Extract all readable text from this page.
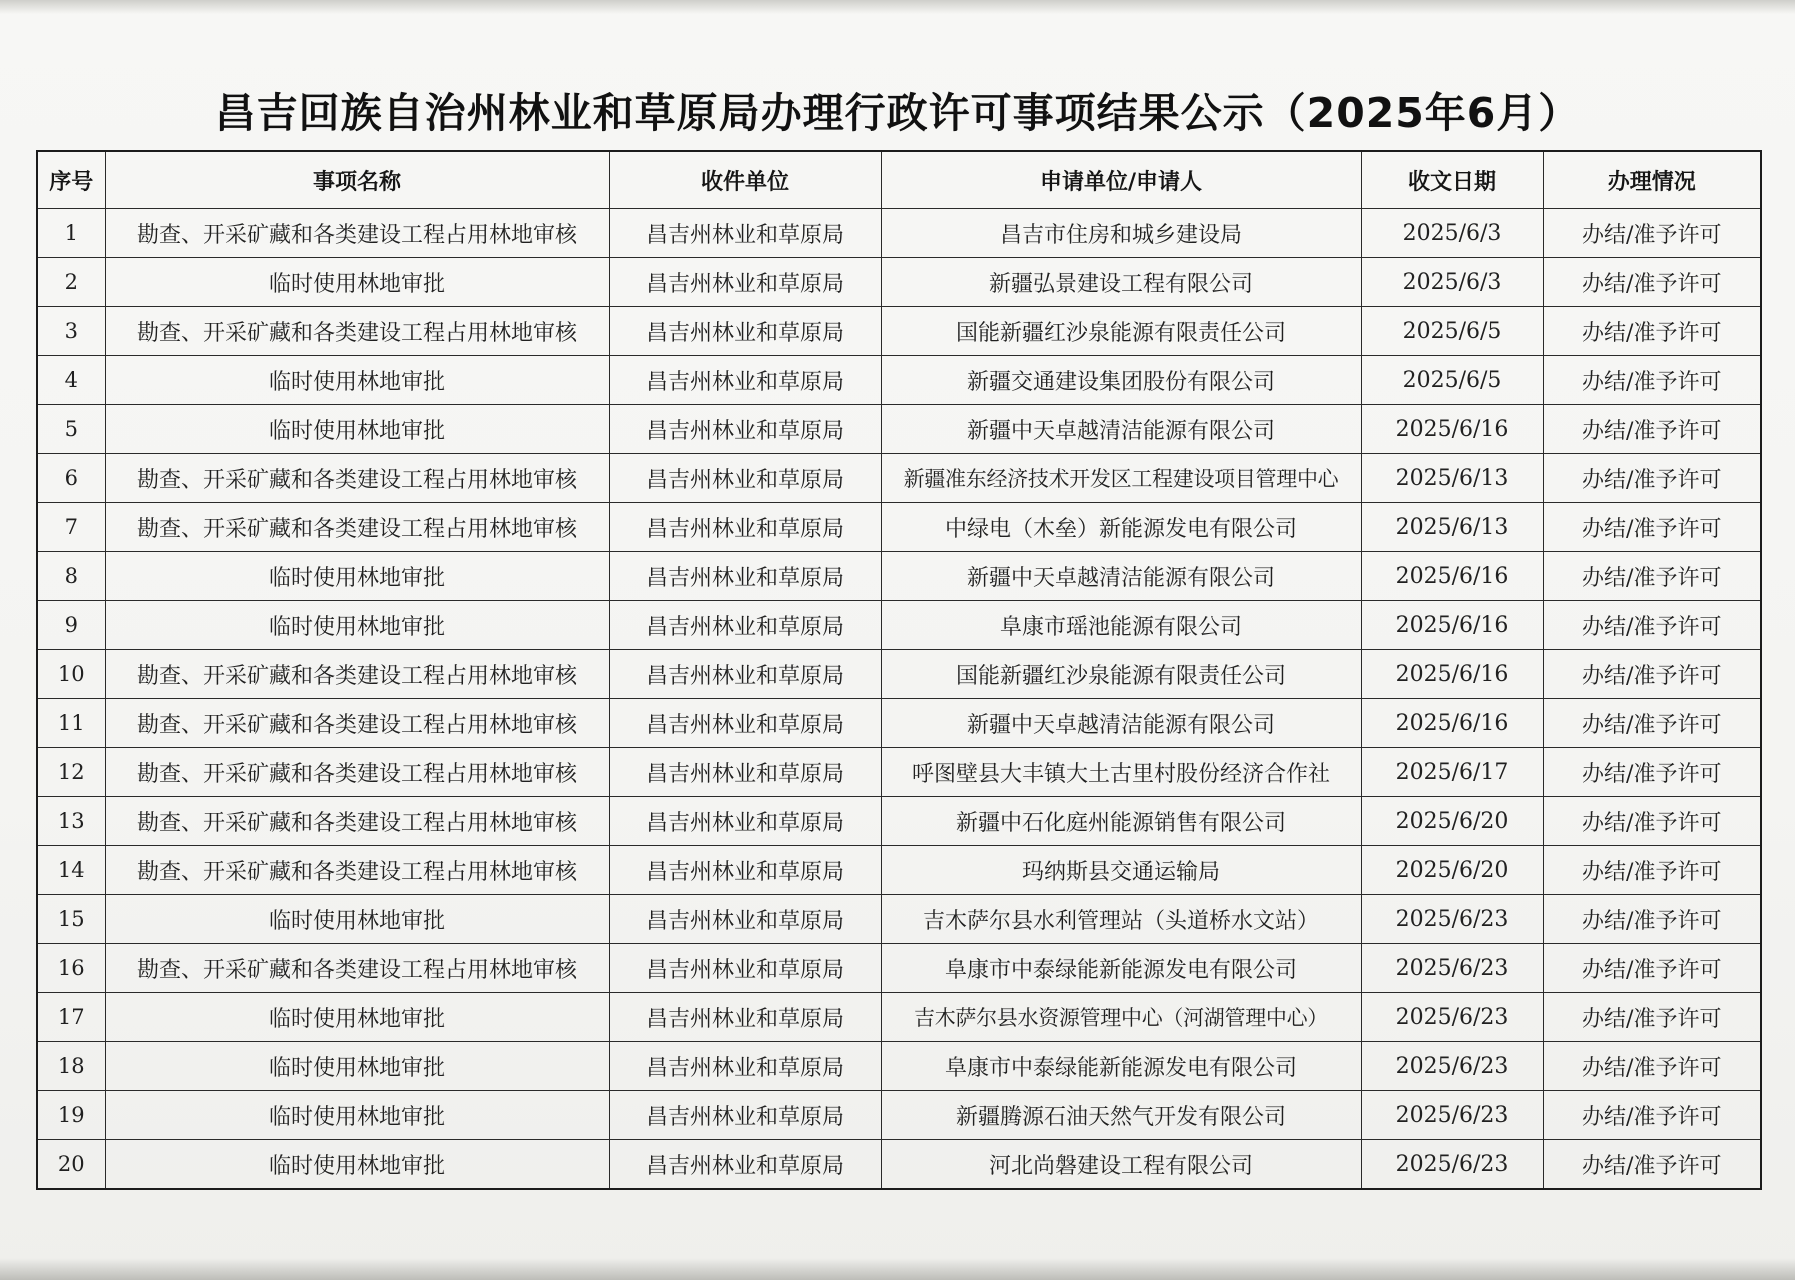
昌吉回族自治州林业和草原局办理行政许可事项结果公示（2025年6月）
序号	事项名称	收件单位	申请单位/申请人	收文日期	办理情况
1	勘查、开采矿藏和各类建设工程占用林地审核	昌吉州林业和草原局	昌吉市住房和城乡建设局	2025/6/3	办结/准予许可
2	临时使用林地审批	昌吉州林业和草原局	新疆弘景建设工程有限公司	2025/6/3	办结/准予许可
3	勘查、开采矿藏和各类建设工程占用林地审核	昌吉州林业和草原局	国能新疆红沙泉能源有限责任公司	2025/6/5	办结/准予许可
4	临时使用林地审批	昌吉州林业和草原局	新疆交通建设集团股份有限公司	2025/6/5	办结/准予许可
5	临时使用林地审批	昌吉州林业和草原局	新疆中天卓越清洁能源有限公司	2025/6/16	办结/准予许可
6	勘查、开采矿藏和各类建设工程占用林地审核	昌吉州林业和草原局	新疆准东经济技术开发区工程建设项目管理中心	2025/6/13	办结/准予许可
7	勘查、开采矿藏和各类建设工程占用林地审核	昌吉州林业和草原局	中绿电（木垒）新能源发电有限公司	2025/6/13	办结/准予许可
8	临时使用林地审批	昌吉州林业和草原局	新疆中天卓越清洁能源有限公司	2025/6/16	办结/准予许可
9	临时使用林地审批	昌吉州林业和草原局	阜康市瑶池能源有限公司	2025/6/16	办结/准予许可
10	勘查、开采矿藏和各类建设工程占用林地审核	昌吉州林业和草原局	国能新疆红沙泉能源有限责任公司	2025/6/16	办结/准予许可
11	勘查、开采矿藏和各类建设工程占用林地审核	昌吉州林业和草原局	新疆中天卓越清洁能源有限公司	2025/6/16	办结/准予许可
12	勘查、开采矿藏和各类建设工程占用林地审核	昌吉州林业和草原局	呼图壁县大丰镇大土古里村股份经济合作社	2025/6/17	办结/准予许可
13	勘查、开采矿藏和各类建设工程占用林地审核	昌吉州林业和草原局	新疆中石化庭州能源销售有限公司	2025/6/20	办结/准予许可
14	勘查、开采矿藏和各类建设工程占用林地审核	昌吉州林业和草原局	玛纳斯县交通运输局	2025/6/20	办结/准予许可
15	临时使用林地审批	昌吉州林业和草原局	吉木萨尔县水利管理站（头道桥水文站）	2025/6/23	办结/准予许可
16	勘查、开采矿藏和各类建设工程占用林地审核	昌吉州林业和草原局	阜康市中泰绿能新能源发电有限公司	2025/6/23	办结/准予许可
17	临时使用林地审批	昌吉州林业和草原局	吉木萨尔县水资源管理中心（河湖管理中心）	2025/6/23	办结/准予许可
18	临时使用林地审批	昌吉州林业和草原局	阜康市中泰绿能新能源发电有限公司	2025/6/23	办结/准予许可
19	临时使用林地审批	昌吉州林业和草原局	新疆腾源石油天然气开发有限公司	2025/6/23	办结/准予许可
20	临时使用林地审批	昌吉州林业和草原局	河北尚磐建设工程有限公司	2025/6/23	办结/准予许可
